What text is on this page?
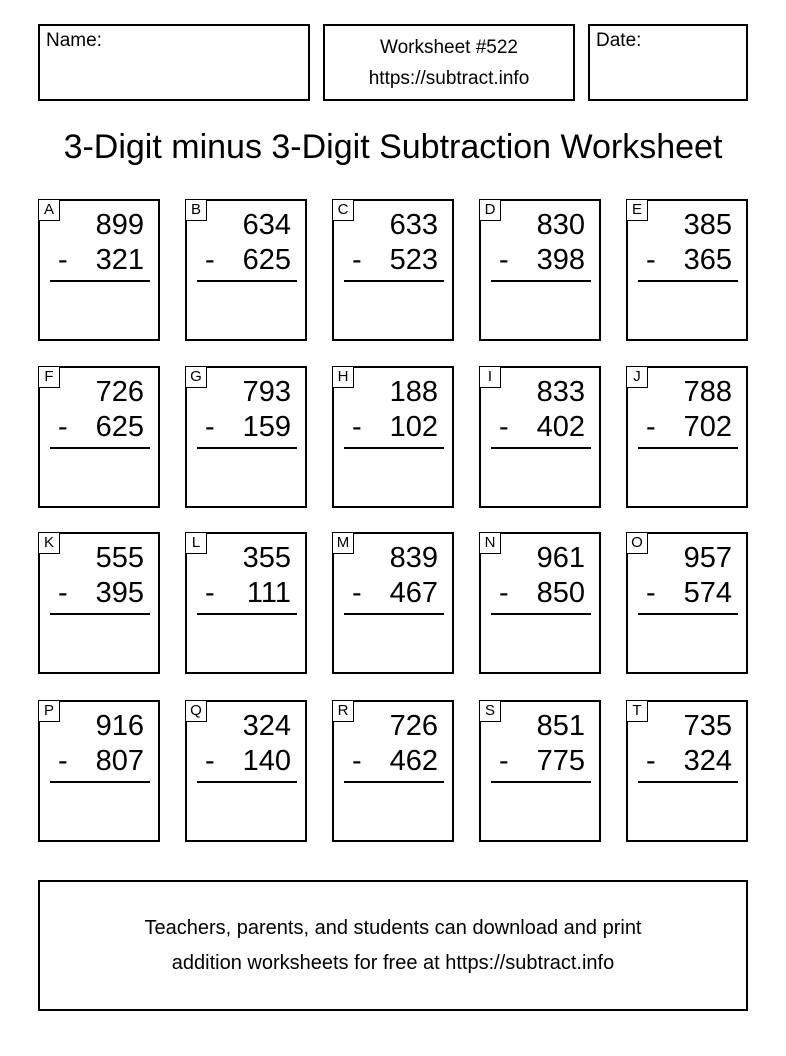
Name:	Worksheet #522
https://subtract.info
Date:
3-Digit minus 3-Digit Subtraction Worksheet
A 899
- 321
B 634
- 625
C 633
- 523
D 830
- 398
E 385
- 365
F 726
- 625
G 793
- 159
H 188
- 102
I	833
- 402
J 788
- 702
K 555
- 395
L 355
- 111
M 839
- 467
N 961
- 850
O 957
- 574
P 916
- 807
Q 324
- 140
R 726
- 462
S 851
- 775
T 735
- 324
Teachers, parents, and students can download and print
addition worksheets for free at https://subtract.info
